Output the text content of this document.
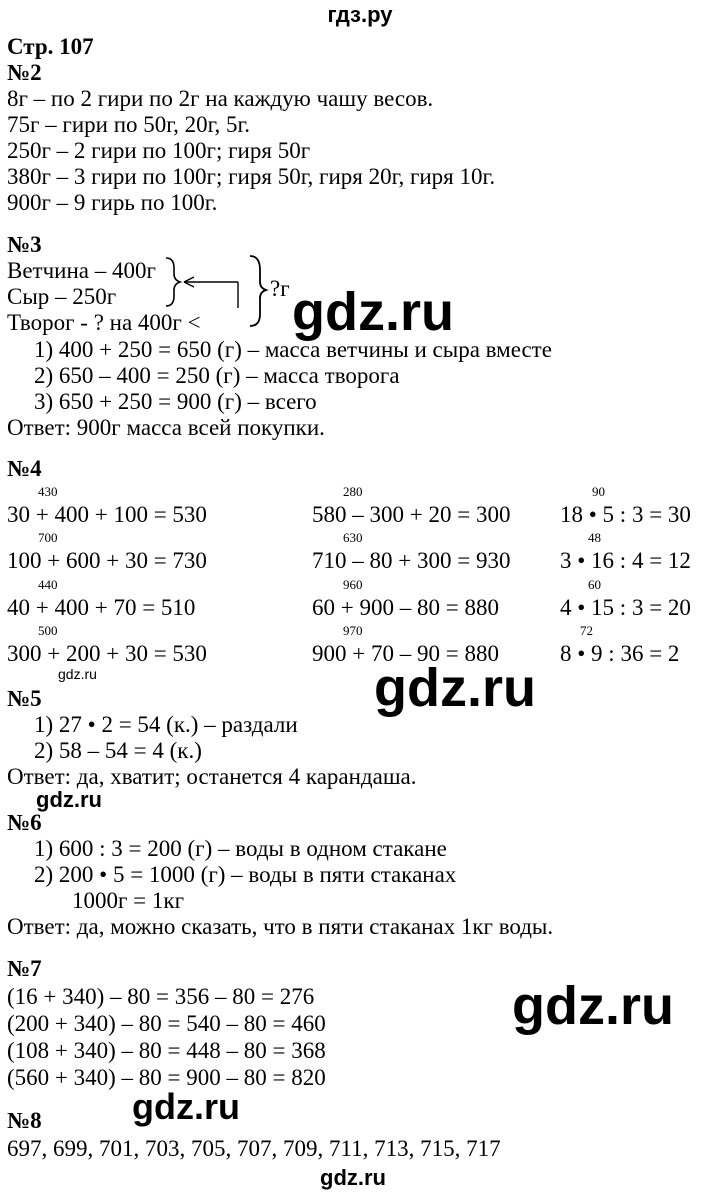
гдз.ру
Стр. 107
№2
8г – по 2 гири по 2г на каждую чашу весов.
75г – гири по 50г, 20г, 5г.
250г – 2 гири по 100г; гиря 50г
380г – 3 гири по 100г; гиря 50г, гиря 20г, гиря 10г.
900г – 9 гирь по 100г.
№3
Ветчина – 400г
Сыр – 250г
Творог - ? на 400г <
?г
1) 400 + 250 = 650 (г) – масса ветчины и сыра вместе
2) 650 – 400 = 250 (г) – масса творога
3) 650 + 250 = 900 (г) – всего
Ответ: 900г масса всей покупки.
№4
430
30 + 400 + 100 = 530
700
100 + 600 + 30 = 730
440
40 + 400 + 70 = 510
500
300 + 200 + 30 = 530
280
580 – 300 + 20 = 300
630
710 – 80 + 300 = 930
960
60 + 900 – 80 = 880
970
900 + 70 – 90 = 880
90
18 • 5 : 3 = 30
48
3 • 16 : 4 = 12
60
4 • 15 : 3 = 20
72
8 • 9 : 36 = 2
gdz.ru
№5
1) 27 • 2 = 54 (к.) – раздали
2) 58 – 54 = 4 (к.)
Ответ: да, хватит; останется 4 карандаша.
gdz.ru
№6
1) 600 : 3 = 200 (г) – воды в одном стакане
2) 200 • 5 = 1000 (г) – воды в пяти стаканах
1000г = 1кг
Ответ: да, можно сказать, что в пяти стаканах 1кг воды.
№7
(16 + 340) – 80 = 356 – 80 = 276
(200 + 340) – 80 = 540 – 80 = 460
(108 + 340) – 80 = 448 – 80 = 368
(560 + 340) – 80 = 900 – 80 = 820
№8
697, 699, 701, 703, 705, 707, 709, 711, 713, 715, 717
gdz.ru
gdz.ru
gdz.ru
gdz.ru
gdz.ru
